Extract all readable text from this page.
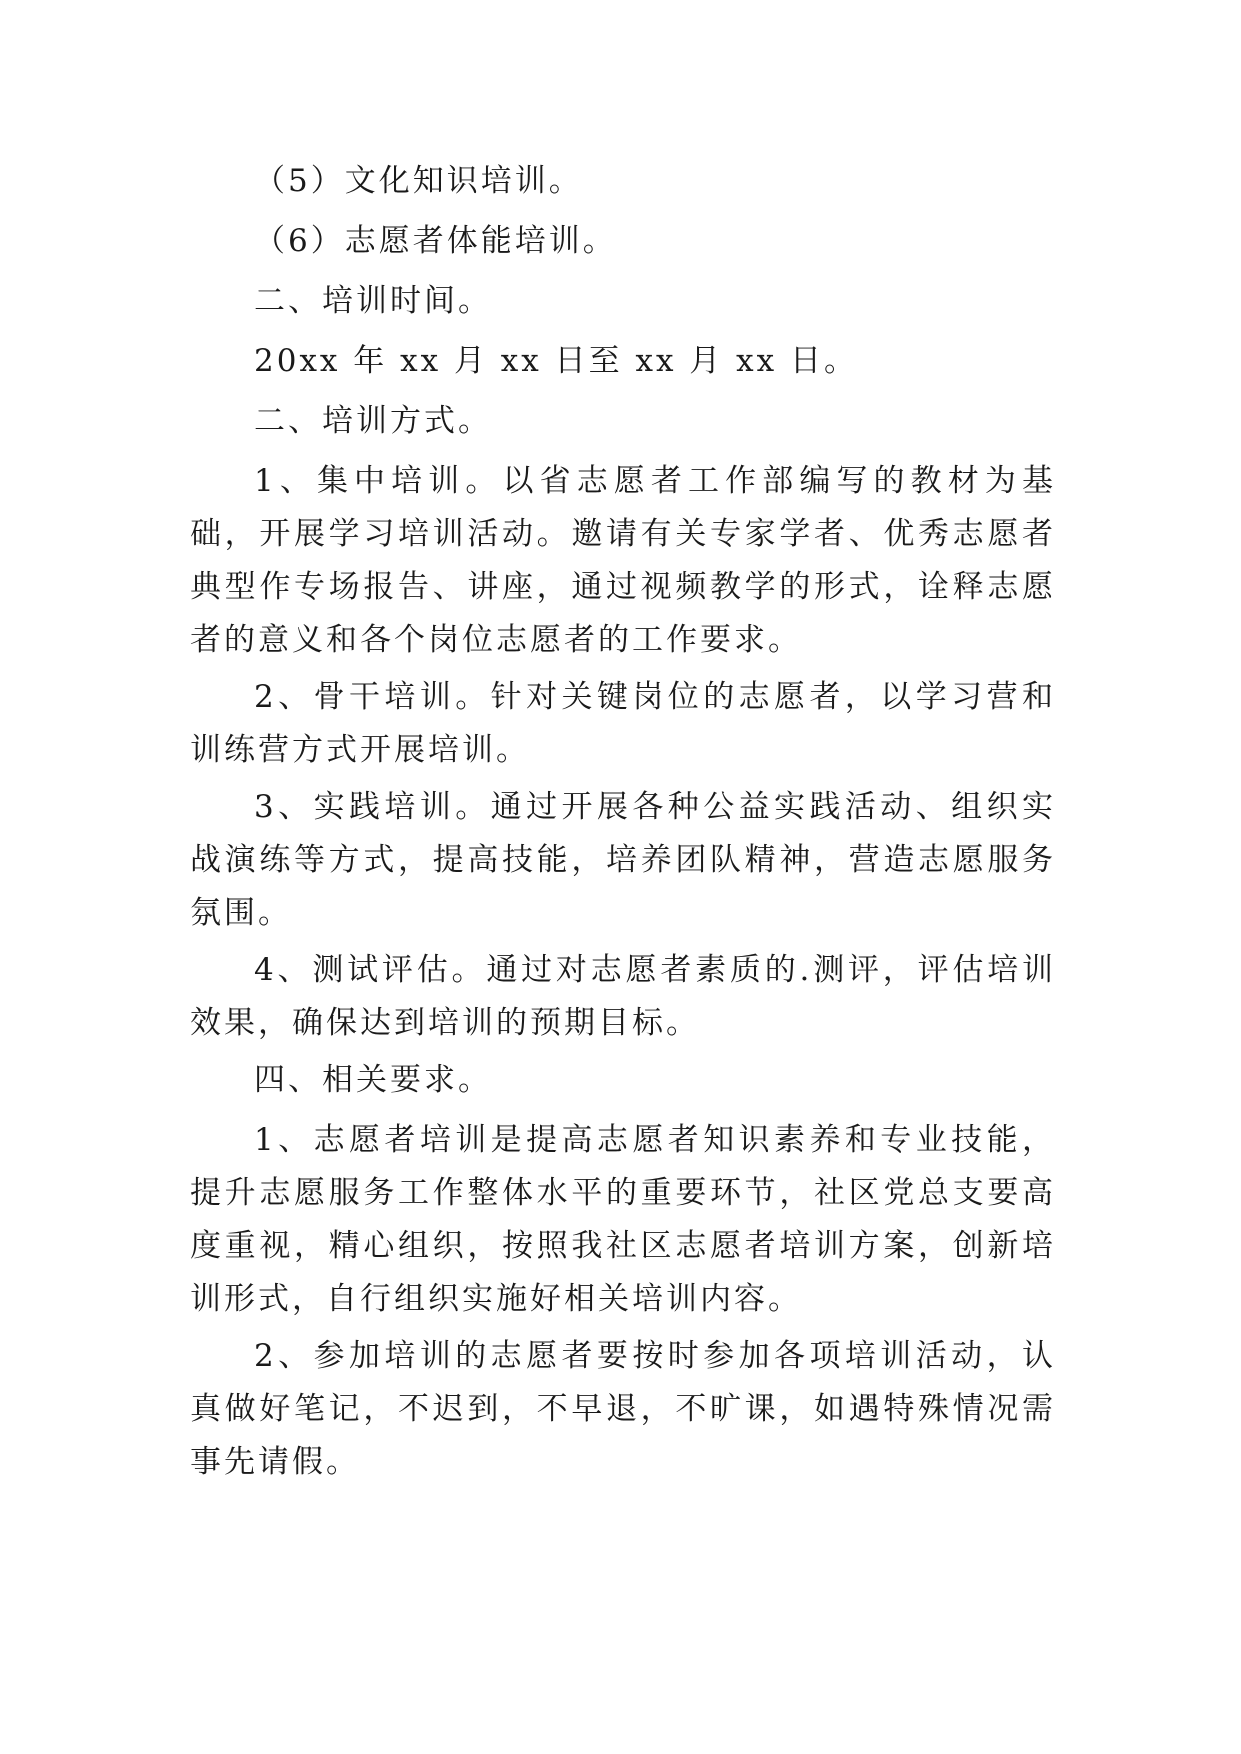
（5）文化知识培训。

（6）志愿者体能培训。

二、培训时间。

20xx 年 xx 月 xx 日至 xx 月 xx 日。

二、培训方式。

1、集中培训。以省志愿者工作部编写的教材为基础，开展学习培训活动。邀请有关专家学者、优秀志愿者典型作专场报告、讲座，通过视频教学的形式，诠释志愿者的意义和各个岗位志愿者的工作要求。

2、骨干培训。针对关键岗位的志愿者，以学习营和训练营方式开展培训。

3、实践培训。通过开展各种公益实践活动、组织实战演练等方式，提高技能，培养团队精神，营造志愿服务氛围。

4、测试评估。通过对志愿者素质的.测评，评估培训效果，确保达到培训的预期目标。

四、相关要求。

1、志愿者培训是提高志愿者知识素养和专业技能，提升志愿服务工作整体水平的重要环节，社区党总支要高度重视，精心组织，按照我社区志愿者培训方案，创新培训形式，自行组织实施好相关培训内容。

2、参加培训的志愿者要按时参加各项培训活动，认真做好笔记，不迟到，不早退，不旷课，如遇特殊情况需事先请假。
